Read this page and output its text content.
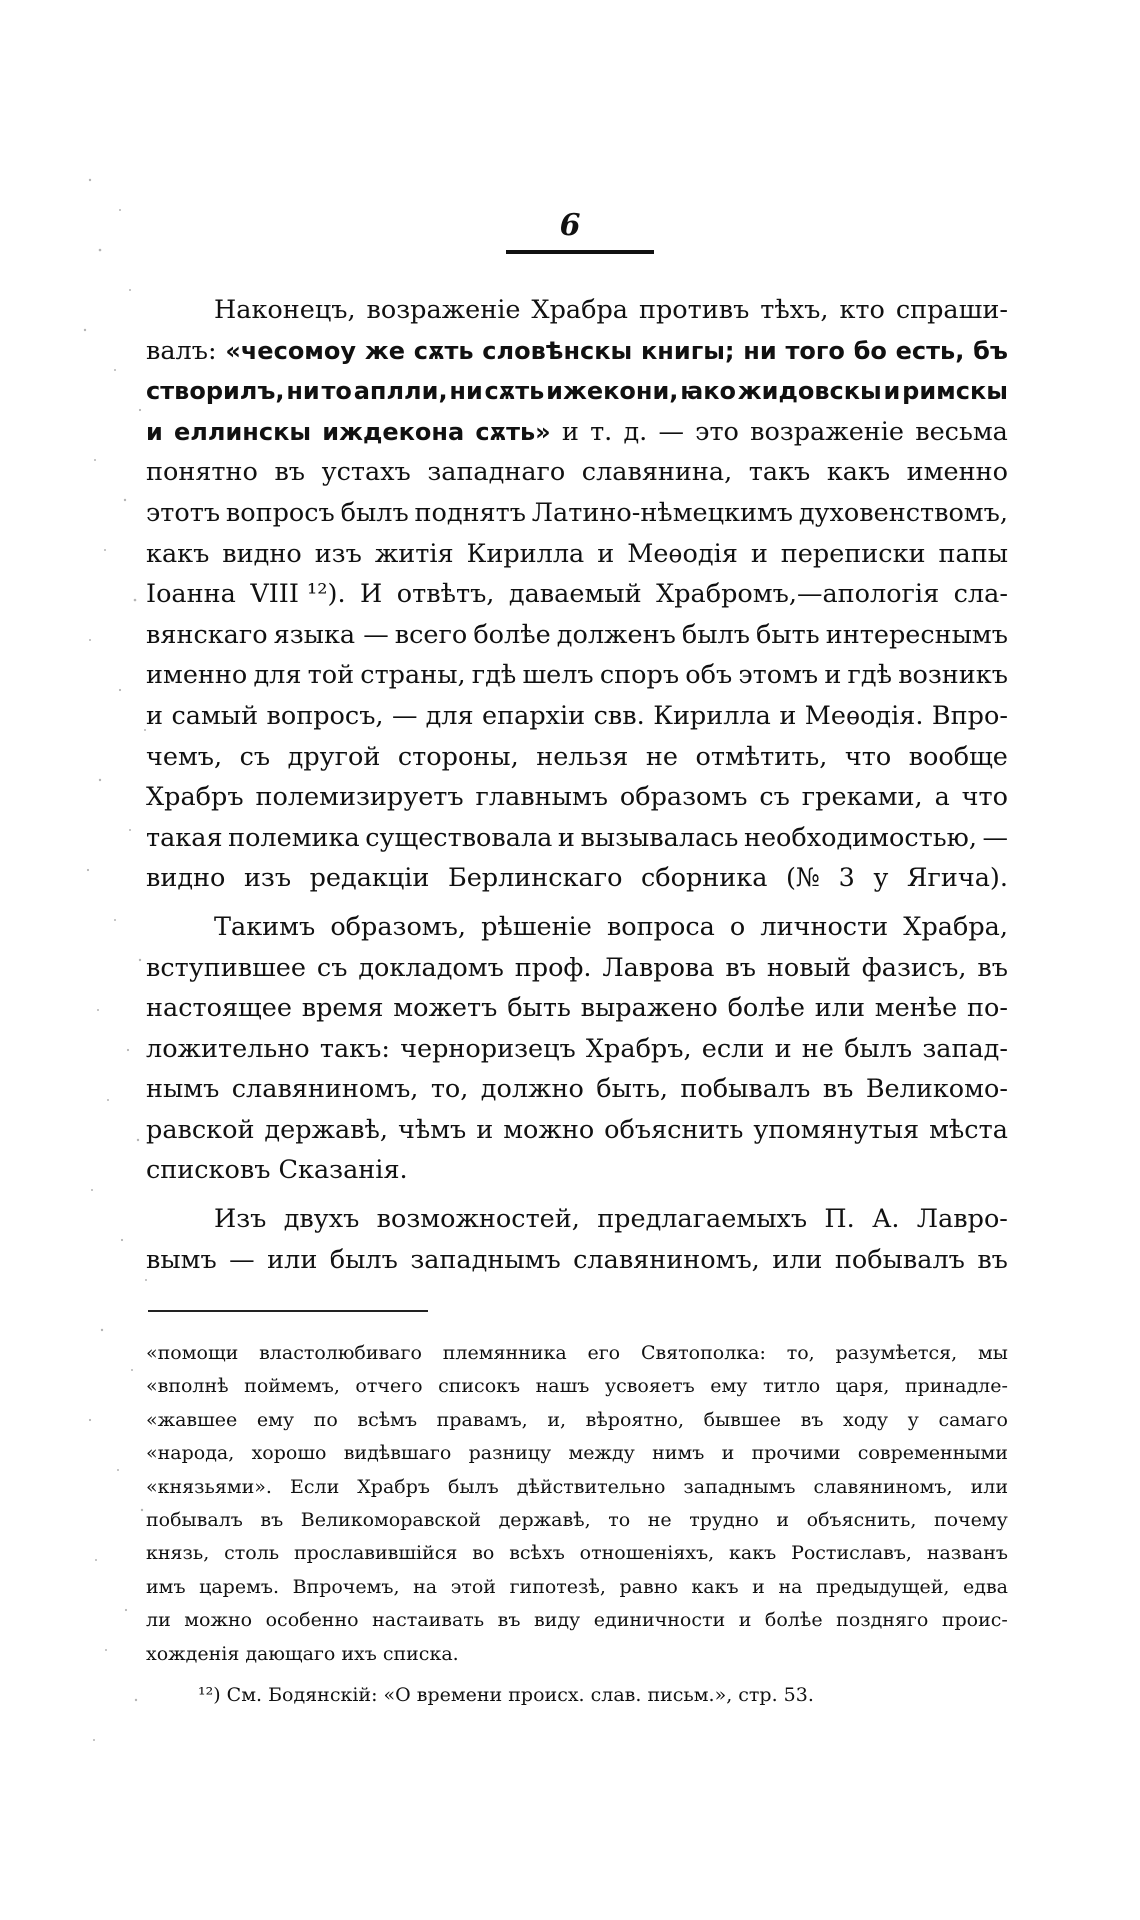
6
Наконецъ, возраженіе Храбра противъ тѣхъ, кто спраши-
валъ: «чесомоу же сѫть словѣнскы книгы; ни того бо есть, бъ
створилъ, ни то аплли, ни сѫть ижекони, ꙗко жидовскы и римскы
и еллинскы иждекона сѫть» и т. д. — это возраженіе весьма
понятно въ устахъ западнаго славянина, такъ какъ именно
этотъ вопросъ былъ поднятъ Латино-нѣмецкимъ духовенствомъ,
какъ видно изъ житія Кирилла и Меѳодія и переписки папы
Іоанна VIII ¹²). И отвѣтъ, даваемый Храбромъ,—апологія сла-
вянскаго языка — всего болѣе долженъ былъ быть интереснымъ
именно для той страны, гдѣ шелъ споръ объ этомъ и гдѣ возникъ
и самый вопросъ, — для епархіи свв. Кирилла и Меѳодія. Впро-
чемъ, съ другой стороны, нельзя не отмѣтить, что вообще
Храбръ полемизируетъ главнымъ образомъ съ греками, а что
такая полемика существовала и вызывалась необходимостью, —
видно изъ редакціи Берлинскаго сборника (№ 3 у Ягича).
Такимъ образомъ, рѣшеніе вопроса о личности Храбра,
вступившее съ докладомъ проф. Лаврова въ новый фазисъ, въ
настоящее время можетъ быть выражено болѣе или менѣе по-
ложительно такъ: черноризецъ Храбръ, если и не былъ запад-
нымъ славяниномъ, то, должно быть, побывалъ въ Великомо-
равской державѣ, чѣмъ и можно объяснить упомянутыя мѣста
списковъ Сказанія.
Изъ двухъ возможностей, предлагаемыхъ П. А. Лавро-
вымъ — или былъ западнымъ славяниномъ, или побывалъ въ
«помощи властолюбиваго племянника его Святополка: то, разумѣется, мы
«вполнѣ поймемъ, отчего списокъ нашъ усвояетъ ему титло царя, принадле-
«жавшее ему по всѣмъ правамъ, и, вѣроятно, бывшее въ ходу у самаго
«народа, хорошо видѣвшаго разницу между нимъ и прочими современными
«князьями». Если Храбръ былъ дѣйствительно западнымъ славяниномъ, или
побывалъ въ Великоморавской державѣ, то не трудно и объяснить, почему
князь, столь прославившійся во всѣхъ отношеніяхъ, какъ Ростиславъ, названъ
имъ царемъ. Впрочемъ, на этой гипотезѣ, равно какъ и на предыдущей, едва
ли можно особенно настаивать въ виду единичности и болѣе поздняго проис-
хожденія дающаго ихъ списка.
¹²) См. Бодянскій: «О времени происх. слав. письм.», стр. 53.
